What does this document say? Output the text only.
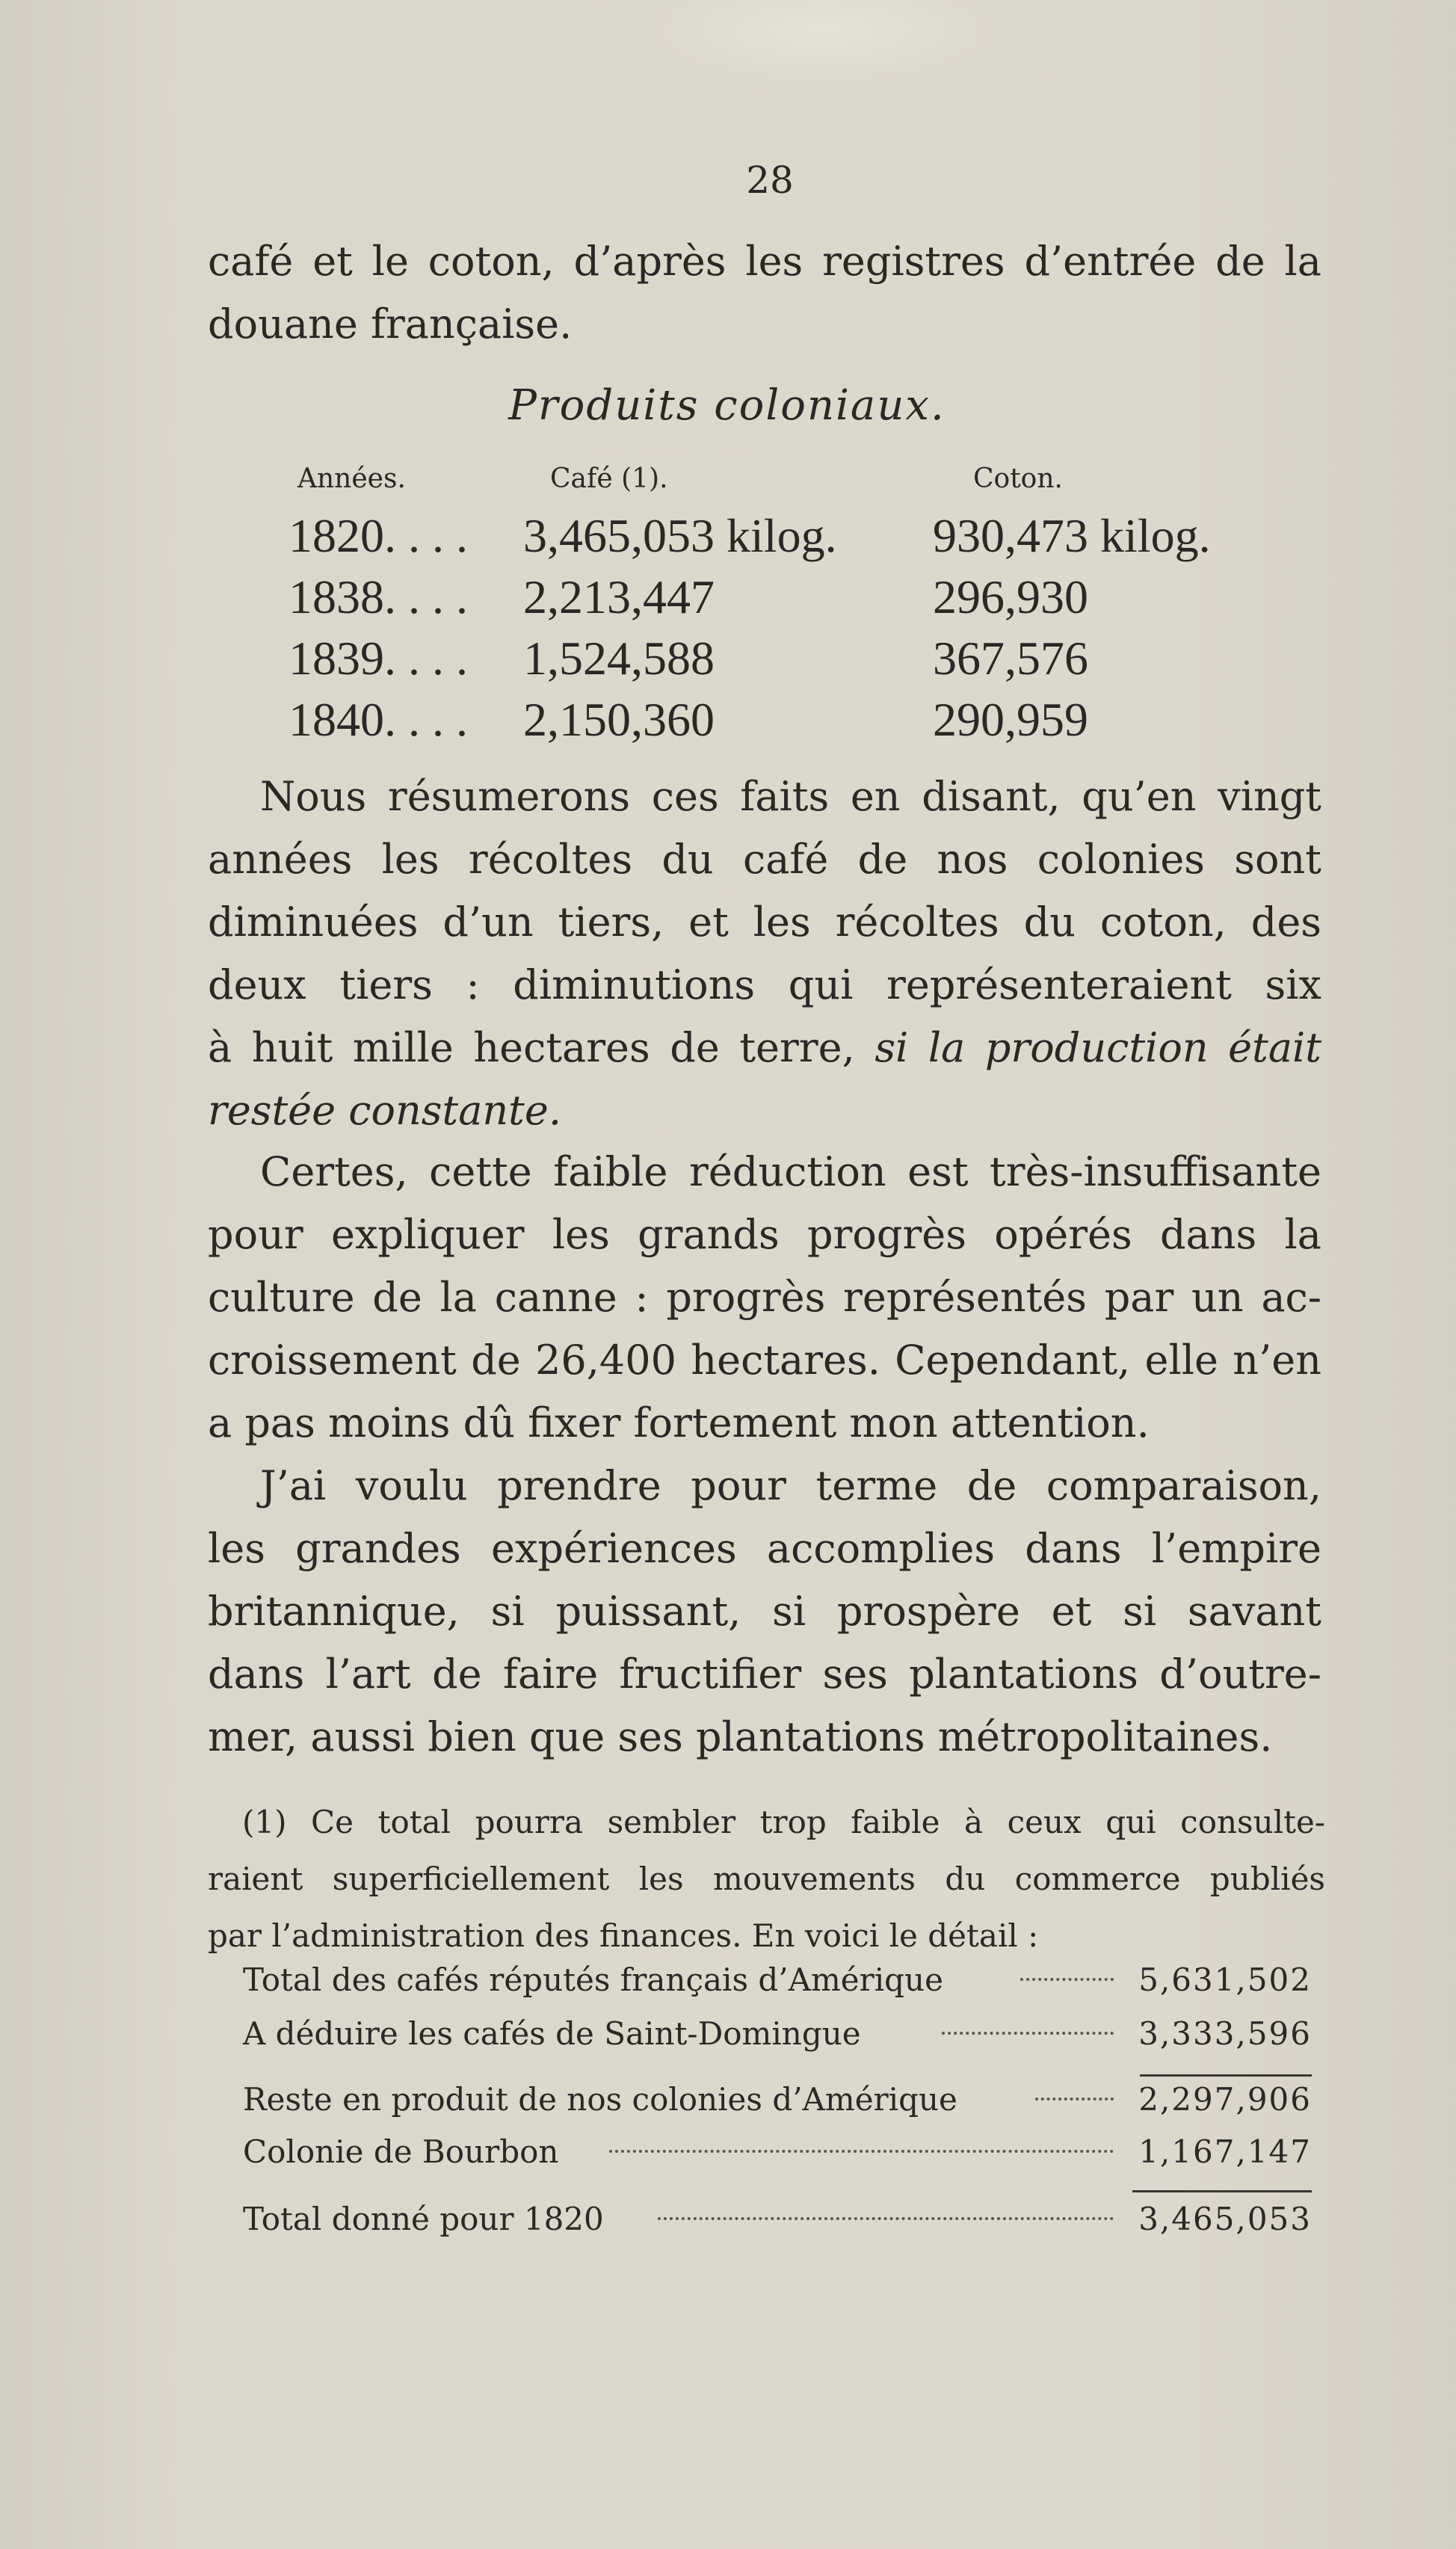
28

café et le coton, d’après les registres d’entrée de la
douane française.

Produits coloniaux.
Années.	Café (1).	Coton.
1820. . . . 3,465,053 kilog. 930,473 kilog.
1838. . . . 2,213,447	296,930
1839. . . . 1,524,588	367,576
1840. . . . 2,150,360	290,959

Nous résumerons ces faits en disant, qu’en vingt
années les récoltes du café de nos colonies sont
diminuées d’un tiers, et les récoltes du coton, des
deux tiers : diminutions qui représenteraient six
à huit mille hectares de terre, si la production était
restée constante.

Certes, cette faible réduction est très-insuffisante
pour expliquer les grands progrès opérés dans la
culture de la canne : progrès représentés par un ac-
croissement de 26,400 hectares. Cependant, elle n’en
a pas moins dû fixer fortement mon attention.

J’ai voulu prendre pour terme de comparaison,
les grandes expériences accomplies dans l’empire
britannique, si puissant, si prospère et si savant
dans l’art de faire fructifier ses plantations d’outre-
mer, aussi bien que ses plantations métropolitaines.

(1) Ce total pourra sembler trop faible à ceux qui consulte-
raient superficiellement les mouvements du commerce publiés
par l’administration des finances. En voici le détail :
Total des cafés réputés français d’Amérique	5,631,502
A déduire les cafés de Saint-Domingue	3,333,596
Reste en produit de nos colonies d’Amérique	2,297,906
Colonie de Bourbon	1,167,147
Total donné pour 1820	3,465,053
